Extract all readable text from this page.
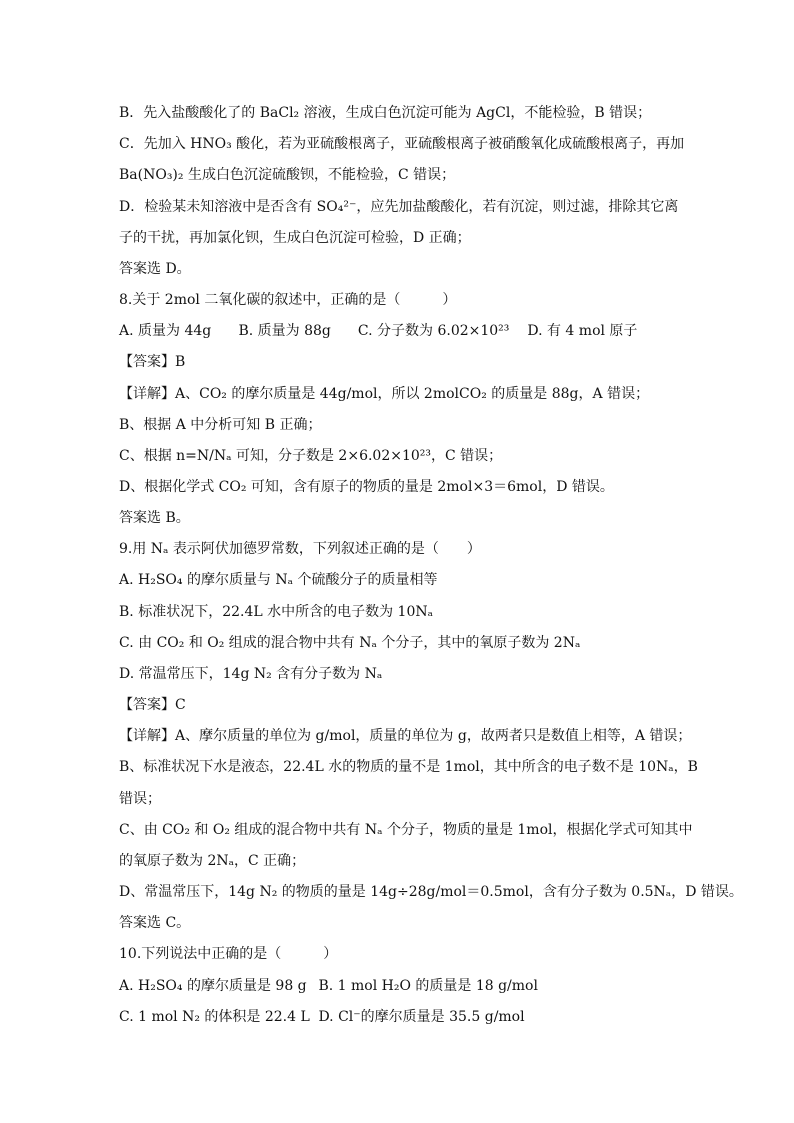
B．先入盐酸酸化了的 BaCl₂ 溶液，生成白色沉淀可能为 AgCl，不能检验，B 错误；
C．先加入 HNO₃ 酸化，若为亚硫酸根离子，亚硫酸根离子被硝酸氧化成硫酸根离子，再加
Ba(NO₃)₂ 生成白色沉淀硫酸钡，不能检验，C 错误；
D．检验某未知溶液中是否含有 SO₄²⁻，应先加盐酸酸化，若有沉淀，则过滤，排除其它离
子的干扰，再加氯化钡，生成白色沉淀可检验，D 正确；
答案选 D。
8.关于 2mol 二氧化碳的叙述中，正确的是（　　　）
A. 质量为 44g B. 质量为 88g C. 分子数为 6.02×10²³ D. 有 4 mol 原子
【答案】B
【详解】A、CO₂ 的摩尔质量是 44g/mol，所以 2molCO₂ 的质量是 88g，A 错误；
B、根据 A 中分析可知 B 正确；
C、根据 n=N/Nₐ 可知，分子数是 2×6.02×10²³，C 错误；
D、根据化学式 CO₂ 可知，含有原子的物质的量是 2mol×3＝6mol，D 错误。
答案选 B。
9.用 Nₐ 表示阿伏加德罗常数，下列叙述正确的是（　　）
A. H₂SO₄ 的摩尔质量与 Nₐ 个硫酸分子的质量相等
B. 标准状况下，22.4L 水中所含的电子数为 10Nₐ
C. 由 CO₂ 和 O₂ 组成的混合物中共有 Nₐ 个分子，其中的氧原子数为 2Nₐ
D. 常温常压下，14g N₂ 含有分子数为 Nₐ
【答案】C
【详解】A、摩尔质量的单位为 g/mol，质量的单位为 g，故两者只是数值上相等，A 错误；
B、标准状况下水是液态，22.4L 水的物质的量不是 1mol，其中所含的电子数不是 10Nₐ，B
错误；
C、由 CO₂ 和 O₂ 组成的混合物中共有 Nₐ 个分子，物质的量是 1mol，根据化学式可知其中
的氧原子数为 2Nₐ，C 正确；
D、常温常压下，14g N₂ 的物质的量是 14g÷28g/mol＝0.5mol，含有分子数为 0.5Nₐ，D 错误。
答案选 C。
10.下列说法中正确的是（　　　）
A. H₂SO₄ 的摩尔质量是 98 g B. 1 mol H₂O 的质量是 18 g/mol
C. 1 mol N₂ 的体积是 22.4 L D. Cl⁻的摩尔质量是 35.5 g/mol
